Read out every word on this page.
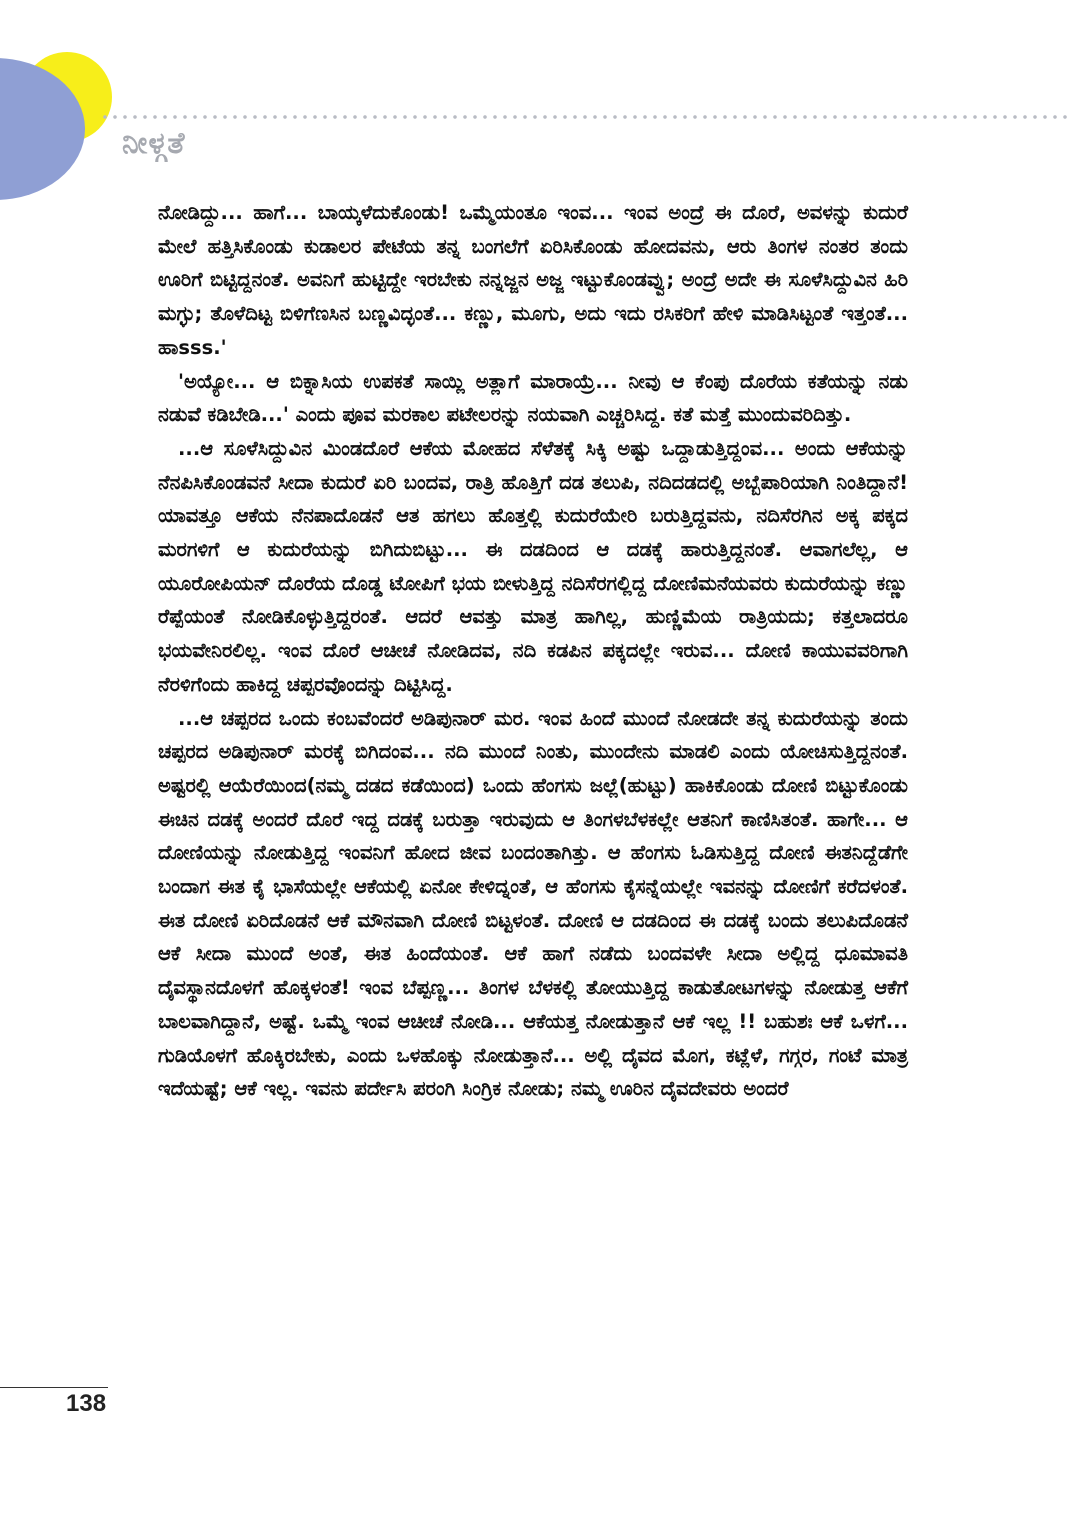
ನೀಳ್ಗತೆ

ನೋಡಿದ್ದು... ಹಾಗೆ... ಬಾಯ್ಕಳೆದುಕೊಂಡು! ಒಮ್ಮೆಯಂತೂ ಇಂವ... ಇಂವ ಅಂದ್ರೆ ಈ ದೊರೆ, ಅವಳನ್ನು ಕುದುರೆ ಮೇಲೆ ಹತ್ತಿಸಿಕೊಂಡು ಕುಡಾಲರ ಪೇಟೆಯ ತನ್ನ ಬಂಗಲೆಗೆ ಏರಿಸಿಕೊಂಡು ಹೋದವನು, ಆರು ತಿಂಗಳ ನಂತರ ತಂದು ಊರಿಗೆ ಬಿಟ್ಟಿದ್ದನಂತೆ. ಅವನಿಗೆ ಹುಟ್ಟಿದ್ದೇ ಇರಬೇಕು ನನ್ನಜ್ಜನ ಅಜ್ಜ ಇಟ್ಟುಕೊಂಡವ್ವು; ಅಂದ್ರೆ ಅದೇ ಈ ಸೂಳೆಸಿದ್ದುವಿನ ಹಿರಿ ಮಗ್ಳು; ತೊಳೆದಿಟ್ಟ ಬಿಳಿಗೆಣಸಿನ ಬಣ್ಣವಿದ್ಳಂತೆ... ಕಣ್ಣು, ಮೂಗು, ಅದು ಇದು ರಸಿಕರಿಗೆ ಹೇಳಿ ಮಾಡಿಸಿಟ್ಟಂತೆ ಇತ್ತಂತೆ... ಹಾsss.'

'ಅಯ್ಯೋ... ಆ ಬಿಕ್ನಾಸಿಯ ಉಪಕತೆ ಸಾಯ್ಲಿ ಅತ್ಲಾಗೆ ಮಾರಾಯ್ರೆ... ನೀವು ಆ ಕೆಂಪು ದೊರೆಯ ಕತೆಯನ್ನು ನಡು ನಡುವೆ ಕಡಿಬೇಡಿ...' ಎಂದು ಪೂವ ಮರಕಾಲ ಪಟೇಲರನ್ನು ನಯವಾಗಿ ಎಚ್ಚರಿಸಿದ್ದ. ಕತೆ ಮತ್ತೆ ಮುಂದುವರಿದಿತ್ತು.

...ಆ ಸೂಳೆಸಿದ್ದುವಿನ ಮಿಂಡದೊರೆ ಆಕೆಯ ಮೋಹದ ಸೆಳೆತಕ್ಕೆ ಸಿಕ್ಕಿ ಅಷ್ಟು ಒದ್ದಾಡುತ್ತಿದ್ದಂವ... ಅಂದು ಆಕೆಯನ್ನು ನೆನಪಿಸಿಕೊಂಡವನೆ ಸೀದಾ ಕುದುರೆ ಏರಿ ಬಂದವ, ರಾತ್ರಿ ಹೊತ್ತಿಗೆ ದಡ ತಲುಪಿ, ನದಿದಡದಲ್ಲಿ ಅಬ್ಬೆಪಾರಿಯಾಗಿ ನಿಂತಿದ್ದಾನೆ! ಯಾವತ್ತೂ ಆಕೆಯ ನೆನಪಾದೊಡನೆ ಆತ ಹಗಲು ಹೊತ್ತಲ್ಲಿ ಕುದುರೆಯೇರಿ ಬರುತ್ತಿದ್ದವನು, ನದಿಸೆರಗಿನ ಅಕ್ಕ ಪಕ್ಕದ ಮರಗಳಿಗೆ ಆ ಕುದುರೆಯನ್ನು ಬಿಗಿದುಬಿಟ್ಟು... ಈ ದಡದಿಂದ ಆ ದಡಕ್ಕೆ ಹಾರುತ್ತಿದ್ದನಂತೆ. ಆವಾಗಲೆಲ್ಲ, ಆ ಯೂರೋಪಿಯನ್ ದೊರೆಯ ದೊಡ್ಡ ಟೋಪಿಗೆ ಭಯ ಬೀಳುತ್ತಿದ್ದ ನದಿಸೆರಗಲ್ಲಿದ್ದ ದೋಣಿಮನೆಯವರು ಕುದುರೆಯನ್ನು ಕಣ್ಣು ರೆಪ್ಪೆಯಂತೆ ನೋಡಿಕೊಳ್ಳುತ್ತಿದ್ದರಂತೆ. ಆದರೆ ಆವತ್ತು ಮಾತ್ರ ಹಾಗಿಲ್ಲ, ಹುಣ್ಣಿಮೆಯ ರಾತ್ರಿಯದು; ಕತ್ತಲಾದರೂ ಭಯವೇನಿರಲಿಲ್ಲ. ಇಂವ ದೊರೆ ಆಚೀಚೆ ನೋಡಿದವ, ನದಿ ಕಡಪಿನ ಪಕ್ಕದಲ್ಲೇ ಇರುವ... ದೋಣಿ ಕಾಯುವವರಿಗಾಗಿ ನೆರಳಿಗೆಂದು ಹಾಕಿದ್ದ ಚಪ್ಪರವೊಂದನ್ನು ದಿಟ್ಟಿಸಿದ್ದ.

...ಆ ಚಪ್ಪರದ ಒಂದು ಕಂಬವೆಂದರೆ ಅಡಿಪುನಾರ್ ಮರ. ಇಂವ ಹಿಂದೆ ಮುಂದೆ ನೋಡದೇ ತನ್ನ ಕುದುರೆಯನ್ನು ತಂದು ಚಪ್ಪರದ ಅಡಿಪುನಾರ್ ಮರಕ್ಕೆ ಬಿಗಿದಂವ... ನದಿ ಮುಂದೆ ನಿಂತು, ಮುಂದೇನು ಮಾಡಲಿ ಎಂದು ಯೋಚಿಸುತ್ತಿದ್ದನಂತೆ. ಅಷ್ಟರಲ್ಲಿ ಆಯೆರೆಯಿಂದ(ನಮ್ಮ ದಡದ ಕಡೆಯಿಂದ) ಒಂದು ಹೆಂಗಸು ಜಲ್ಲೆ(ಹುಟ್ಟು) ಹಾಕಿಕೊಂಡು ದೋಣಿ ಬಿಟ್ಟುಕೊಂಡು ಈಚಿನ ದಡಕ್ಕೆ ಅಂದರೆ ದೊರೆ ಇದ್ದ ದಡಕ್ಕೆ ಬರುತ್ತಾ ಇರುವುದು ಆ ತಿಂಗಳಬೆಳಕಲ್ಲೇ ಆತನಿಗೆ ಕಾಣಿಸಿತಂತೆ. ಹಾಗೇ... ಆ ದೋಣಿಯನ್ನು ನೋಡುತ್ತಿದ್ದ ಇಂವನಿಗೆ ಹೋದ ಜೀವ ಬಂದಂತಾಗಿತ್ತು. ಆ ಹೆಂಗಸು ಓಡಿಸುತ್ತಿದ್ದ ದೋಣಿ ಈತನಿದ್ದೆಡೆಗೇ ಬಂದಾಗ ಈತ ಕೈ ಭಾಸೆಯಲ್ಲೇ ಆಕೆಯಲ್ಲಿ ಏನೋ ಕೇಳಿದ್ನಂತೆ, ಆ ಹೆಂಗಸು ಕೈಸನ್ನೆಯಲ್ಲೇ ಇವನನ್ನು ದೋಣಿಗೆ ಕರೆದಳಂತೆ. ಈತ ದೋಣಿ ಏರಿದೊಡನೆ ಆಕೆ ಮೌನವಾಗಿ ದೋಣಿ ಬಿಟ್ಟಳಂತೆ. ದೋಣಿ ಆ ದಡದಿಂದ ಈ ದಡಕ್ಕೆ ಬಂದು ತಲುಪಿದೊಡನೆ ಆಕೆ ಸೀದಾ ಮುಂದೆ ಅಂತೆ, ಈತ ಹಿಂದೆಯಂತೆ. ಆಕೆ ಹಾಗೆ ನಡೆದು ಬಂದವಳೇ ಸೀದಾ ಅಲ್ಲಿದ್ದ ಧೂಮಾವತಿ ದೈವಸ್ಥಾನದೊಳಗೆ ಹೊಕ್ಕಳಂತೆ! ಇಂವ ಬೆಪ್ಪಣ್ಣ... ತಿಂಗಳ ಬೆಳಕಲ್ಲಿ ತೋಯುತ್ತಿದ್ದ ಕಾಡುತೋಟಗಳನ್ನು ನೋಡುತ್ತ ಆಕೆಗೆ ಬಾಲವಾಗಿದ್ದಾನೆ, ಅಷ್ಟೆ. ಒಮ್ಮೆ ಇಂವ ಆಚೀಚೆ ನೋಡಿ... ಆಕೆಯತ್ತ ನೋಡುತ್ತಾನೆ ಆಕೆ ಇಲ್ಲ !! ಬಹುಶಃ ಆಕೆ ಒಳಗೆ... ಗುಡಿಯೊಳಗೆ ಹೊಕ್ಕಿರಬೇಕು, ಎಂದು ಒಳಹೊಕ್ಕು ನೋಡುತ್ತಾನೆ... ಅಲ್ಲಿ ದೈವದ ಮೊಗ, ಕಟ್ಲೆಳೆ, ಗಗ್ಗರ, ಗಂಟೆ ಮಾತ್ರ ಇದೆಯಷ್ಟೆ; ಆಕೆ ಇಲ್ಲ. ಇವನು ಪರ್ದೇಸಿ ಪರಂಗಿ ಸಿಂಗ್ರಿಕ ನೋಡು; ನಮ್ಮ ಊರಿನ ದೈವದೇವರು ಅಂದರೆ

138
